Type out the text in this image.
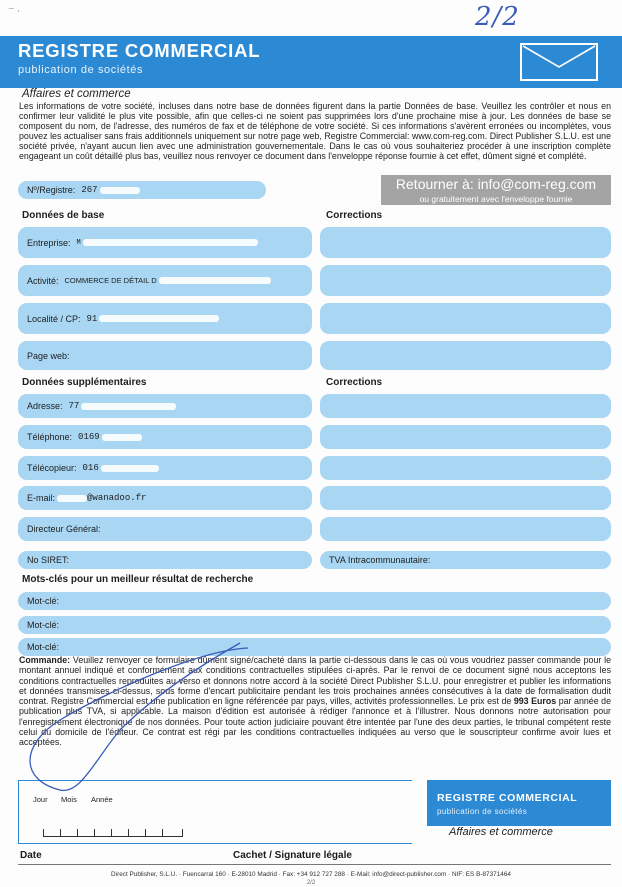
~ ,	2/2
REGISTRE COMMERCIAL
publication de sociétés
Affaires et commerce
Les informations de votre société, incluses dans notre base de données figurent dans la partie Données de base. Veuillez les contrôler et nous en confirmer leur validité le plus vite possible, afin que celles-ci ne soient pas supprimées lors d'une prochaine mise à jour. Les données de base se composent du nom, de l'adresse, des numéros de fax et de téléphone de votre société. Si ces informations s'avèrent erronées ou incomplètes, vous pouvez les actualiser sans frais additionnels uniquement sur notre page web, Registre Commercial: www.com-reg.com. Direct Publisher S.L.U. est une société privée, n'ayant aucun lien avec une administration gouvernementale. Dans le cas où vous souhaiteriez procéder à une inscription complète engageant un coût détaillé plus bas, veuillez nous renvoyer ce document dans l'enveloppe réponse fournie à cet effet, dûment signé et complété.
Nº/Registre: 267	Retourner à: info@com-reg.com
ou gratuitement avec l'enveloppe fournie
Données de base	Corrections
Entreprise: M
Activité: COMMERCE DE DÉTAIL D
Localité / CP: 91
Page web:
Données supplémentaires	Corrections
Adresse: 77
Téléphone: 0169
Télécopieur: 016
E-mail:	@wanadoo.fr
Directeur Général:
No SIRET:	TVA Intracommunautaire:
Mots-clés pour un meilleur résultat de recherche
Mot-clé:
Mot-clé:
Mot-clé:
Commande: Veuillez renvoyer ce formulaire dûment signé/cacheté dans la partie ci-dessous dans le cas où vous voudriez passer commande pour le montant annuel indiqué et conformément aux conditions contractuelles stipulées ci-après. Par le renvoi de ce document signé nous acceptons les conditions contractuelles reproduites au verso et donnons notre accord à la société Direct Publisher S.L.U. pour enregistrer et publier les informations et données transmises ci-dessus, sous forme d'encart publicitaire pendant les trois prochaines années consécutives à la date de formalisation dudit contrat. Registre Commercial est une publication en ligne référencée par pays, villes, activités professionnelles. Le prix est de 993 Euros par année de publication plus TVA, si applicable. La maison d'édition est autorisée à rédiger l'annonce et à l'illustrer. Nous donnons notre autorisation pour l'enregistrement électronique de nos données. Pour toute action judiciaire pouvant être intentée par l'une des deux parties, le tribunal compétent reste celui du domicile de l'éditeur. Ce contrat est régi par les conditions contractuelles indiquées au verso que le souscripteur confirme avoir lues et acceptées.
Jour Mois Année	REGISTRE COMMERCIAL
publication de sociétés
Affaires et commerce
Date	Cachet / Signature légale
Direct Publisher, S.L.U. · Fuencarral 160 · E-28010 Madrid · Fax: +34 912 727 288 · E-Mail: info@direct-publisher.com · NIF: ES B-87371464
2/2
